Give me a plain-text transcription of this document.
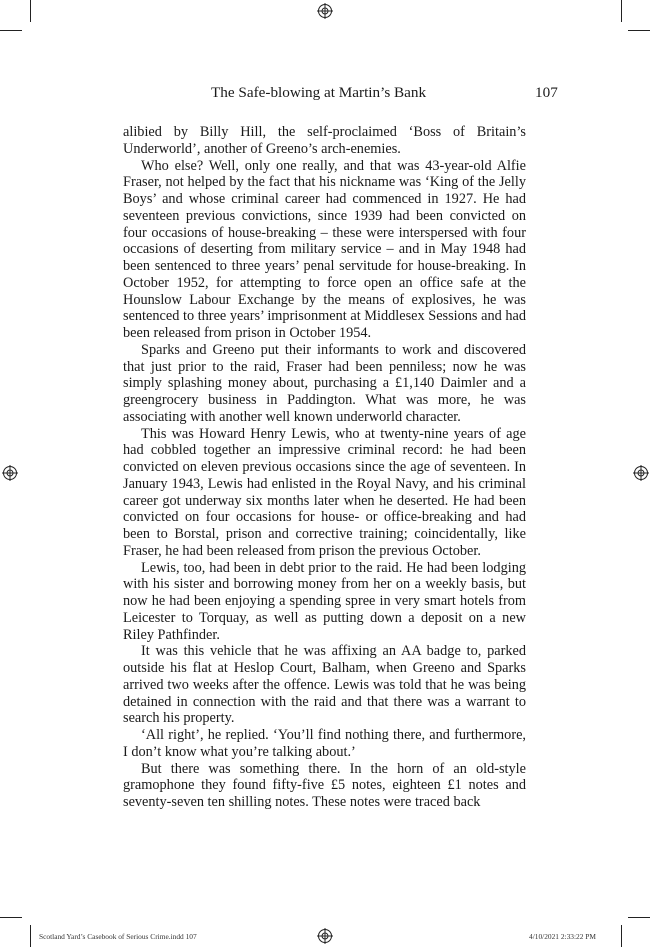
The Safe-blowing at Martin’s Bank	107

alibied by Billy Hill, the self-proclaimed ‘Boss of Britain’s Underworld’, another of Greeno’s arch-enemies.

Who else? Well, only one really, and that was 43-year-old Alfie Fraser, not helped by the fact that his nickname was ‘King of the Jelly Boys’ and whose criminal career had commenced in 1927. He had seventeen previous convictions, since 1939 had been convicted on four occasions of house-breaking – these were interspersed with four occasions of deserting from military service – and in May 1948 had been sentenced to three years’ penal servitude for house-breaking. In October 1952, for attempting to force open an office safe at the Hounslow Labour Exchange by the means of explosives, he was sentenced to three years’ imprisonment at Middlesex Sessions and had been released from prison in October 1954.

Sparks and Greeno put their informants to work and discovered that just prior to the raid, Fraser had been penniless; now he was simply splashing money about, purchasing a £1,140 Daimler and a greengrocery business in Paddington. What was more, he was associating with another well known underworld character.

This was Howard Henry Lewis, who at twenty-nine years of age had cobbled together an impressive criminal record: he had been convicted on eleven previous occasions since the age of seventeen. In January 1943, Lewis had enlisted in the Royal Navy, and his criminal career got underway six months later when he deserted. He had been convicted on four occasions for house- or office-breaking and had been to Borstal, prison and corrective training; coincidentally, like Fraser, he had been released from prison the previous October.

Lewis, too, had been in debt prior to the raid. He had been lodging with his sister and borrowing money from her on a weekly basis, but now he had been enjoying a spending spree in very smart hotels from Leicester to Torquay, as well as putting down a deposit on a new Riley Pathfinder.

It was this vehicle that he was affixing an AA badge to, parked outside his flat at Heslop Court, Balham, when Greeno and Sparks arrived two weeks after the offence. Lewis was told that he was being detained in connection with the raid and that there was a warrant to search his property.

‘All right’, he replied. ‘You’ll find nothing there, and furthermore, I don’t know what you’re talking about.’

But there was something there. In the horn of an old-style gramophone they found fifty-five £5 notes, eighteen £1 notes and seventy-seven ten shilling notes. These notes were traced back

Scotland Yard’s Casebook of Serious Crime.indd 107	4/10/2021 2:33:22 PM
